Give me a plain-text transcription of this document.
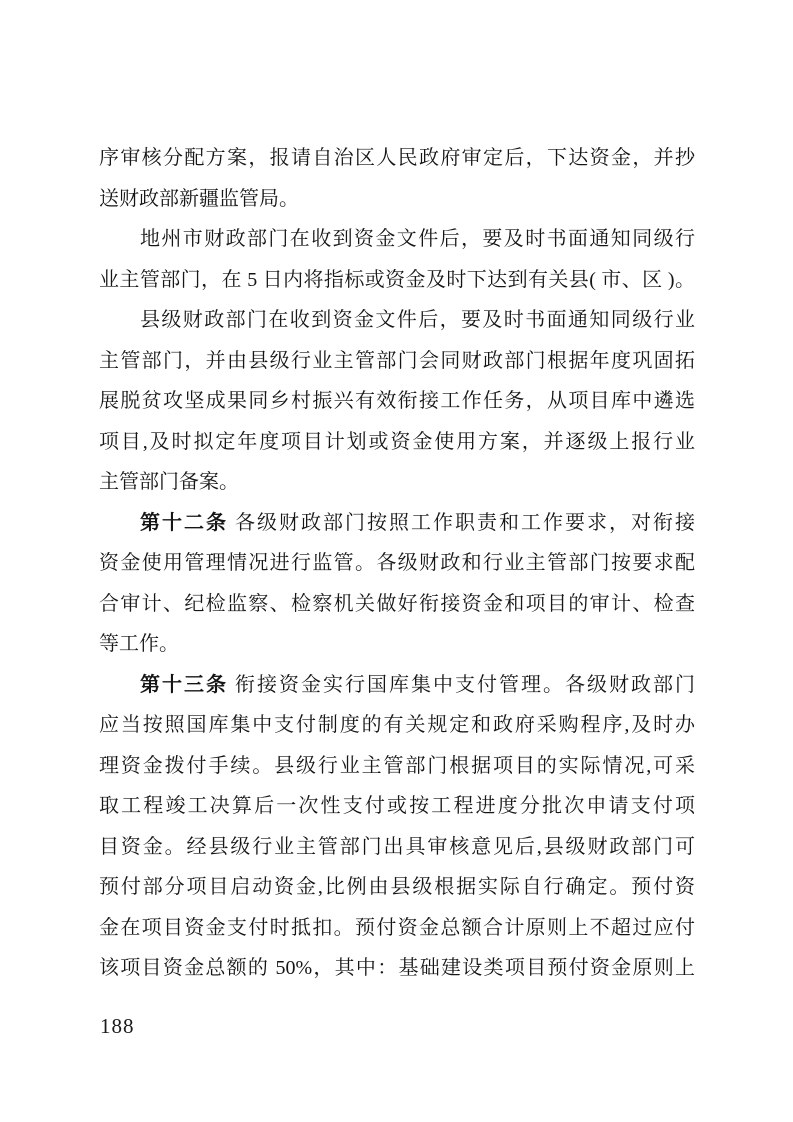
序审核分配方案，报请自治区人民政府审定后，下达资金，并抄
送财政部新疆监管局。
地州市财政部门在收到资金文件后，要及时书面通知同级行
业主管部门，在 5 日内将指标或资金及时下达到有关县( 市、区 )。
县级财政部门在收到资金文件后，要及时书面通知同级行业
主管部门，并由县级行业主管部门会同财政部门根据年度巩固拓
展脱贫攻坚成果同乡村振兴有效衔接工作任务，从项目库中遴选
项目,及时拟定年度项目计划或资金使用方案，并逐级上报行业
主管部门备案。
第十二条 各级财政部门按照工作职责和工作要求，对衔接
资金使用管理情况进行监管。各级财政和行业主管部门按要求配
合审计、纪检监察、检察机关做好衔接资金和项目的审计、检查
等工作。
第十三条 衔接资金实行国库集中支付管理。各级财政部门
应当按照国库集中支付制度的有关规定和政府采购程序,及时办
理资金拨付手续。县级行业主管部门根据项目的实际情况,可采
取工程竣工决算后一次性支付或按工程进度分批次申请支付项
目资金。经县级行业主管部门出具审核意见后,县级财政部门可
预付部分项目启动资金,比例由县级根据实际自行确定。预付资
金在项目资金支付时抵扣。预付资金总额合计原则上不超过应付
该项目资金总额的 50%，其中：基础建设类项目预付资金原则上
188
